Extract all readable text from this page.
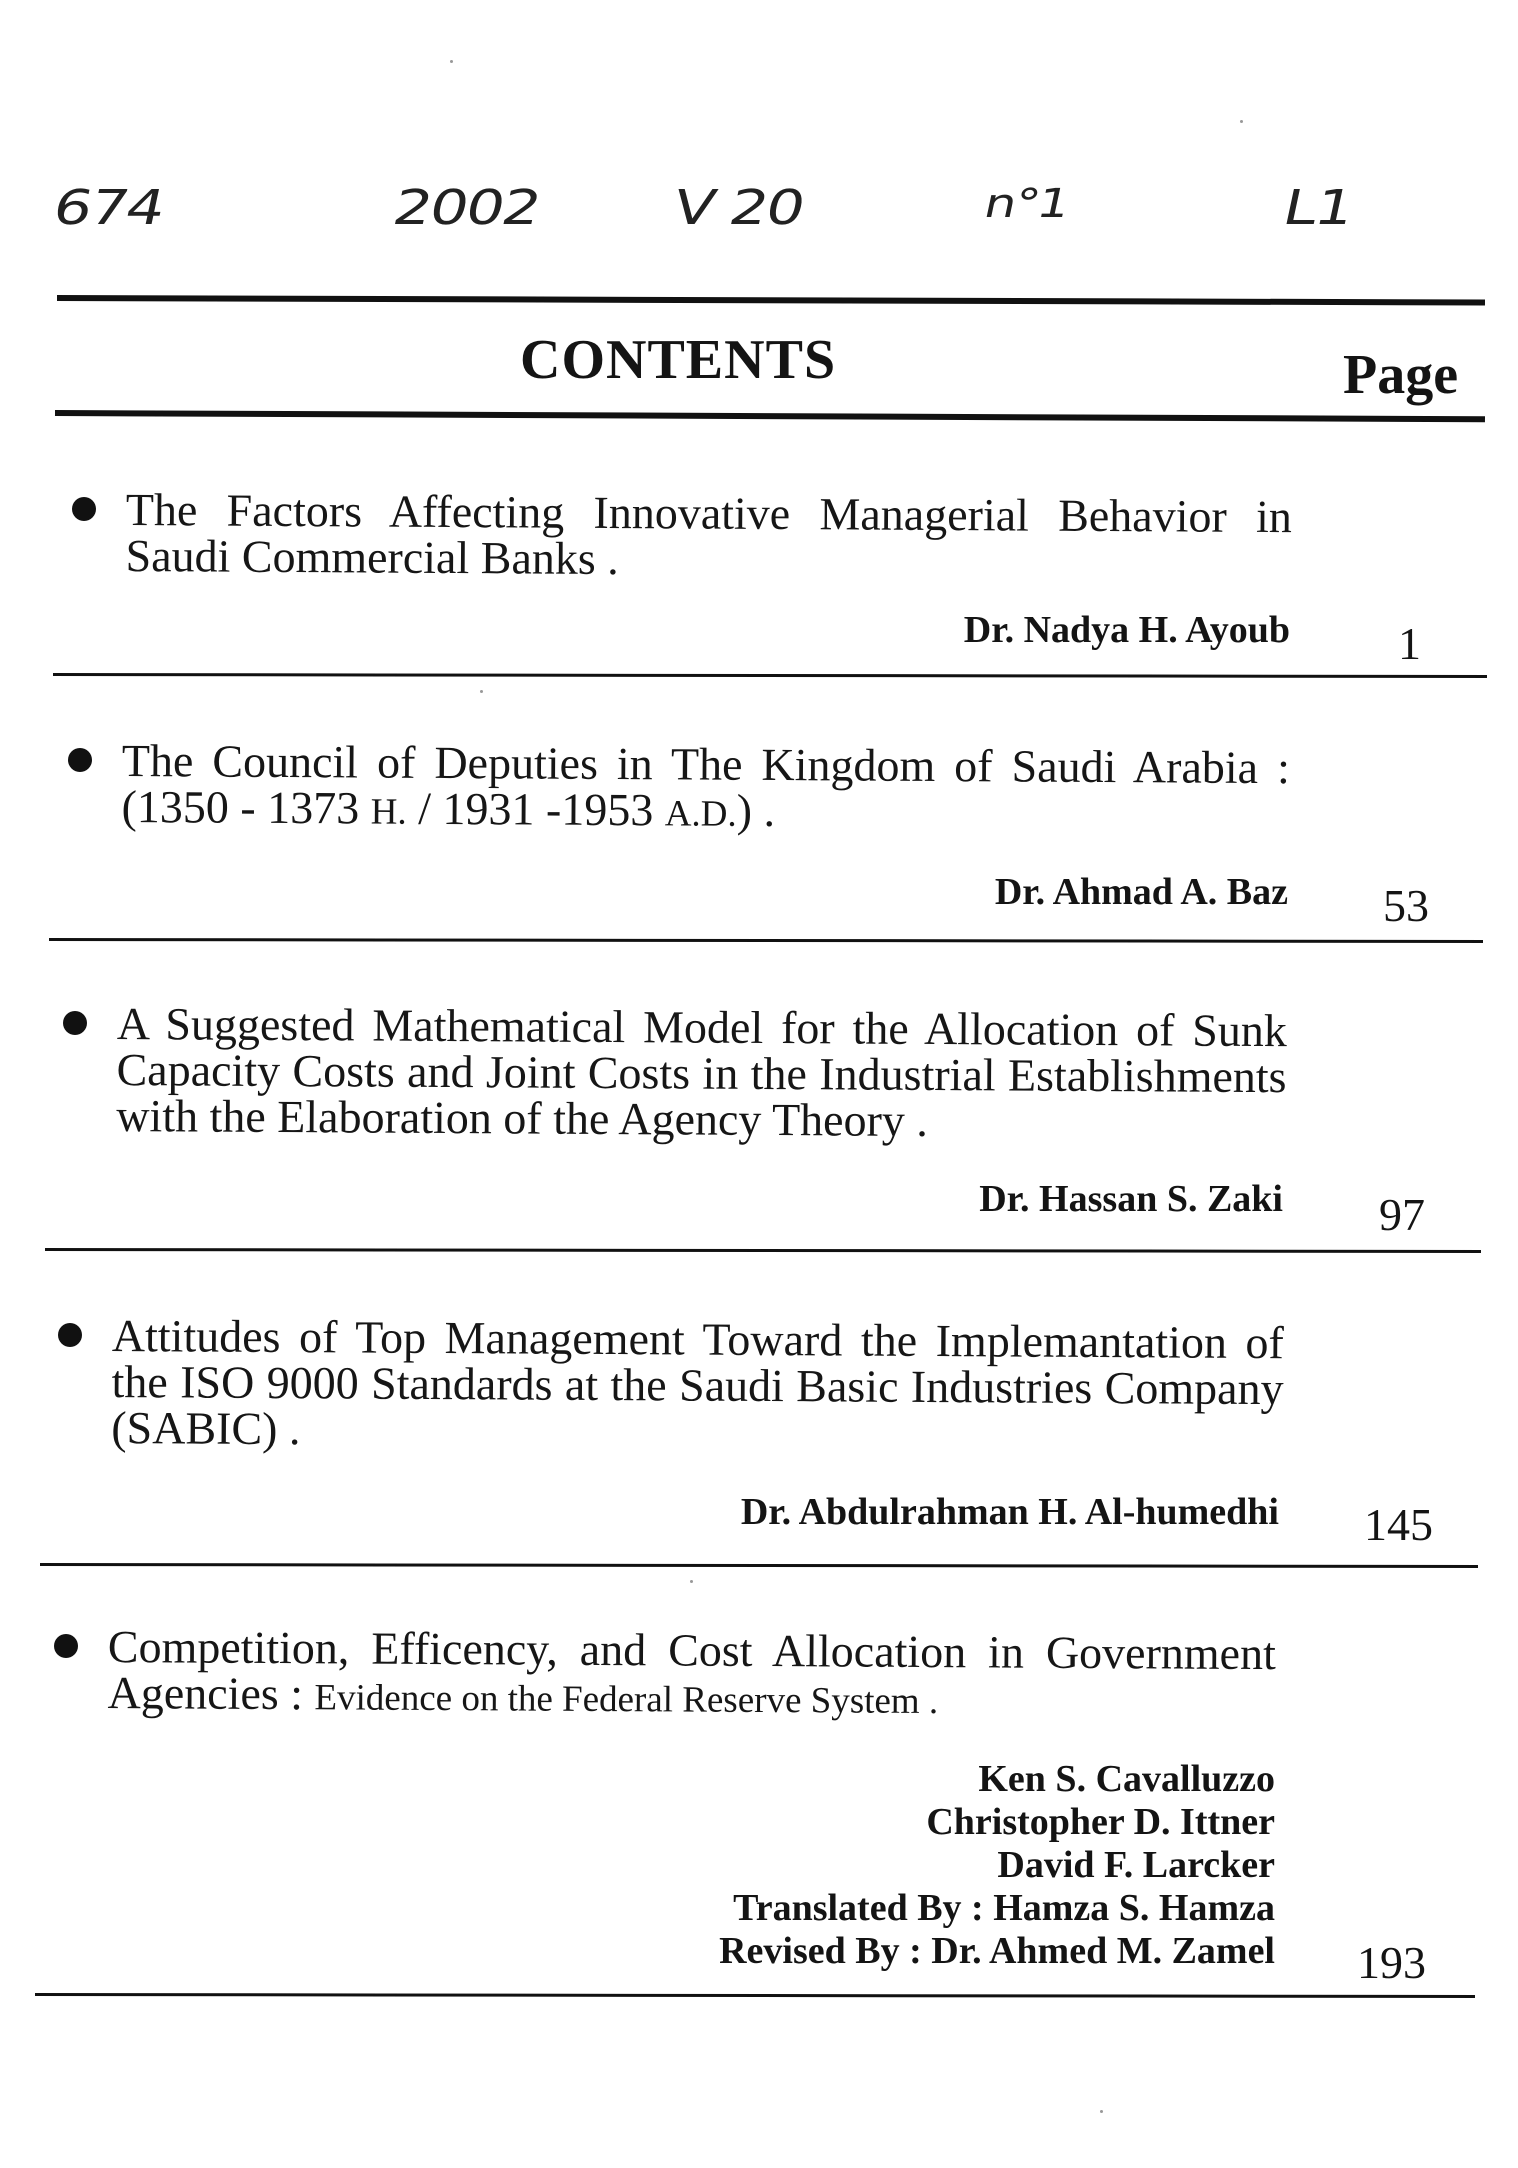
674	2002 V 20	n°1	L1
CONTENTS	Page

The Factors Affecting Innovative Managerial Behavior in Saudi Commercial Banks .

Dr. Nadya H. Ayoub 1

The Council of Deputies in The Kingdom of Saudi Arabia : (1350 - 1373 H. / 1931 -1953 A.D.) .

Dr. Ahmad A. Baz 53

A Suggested Mathematical Model for the Allocation of Sunk Capacity Costs and Joint Costs in the Industrial Establishments with the Elaboration of the Agency Theory .

Dr. Hassan S. Zaki 97

Attitudes of Top Management Toward the Implemantation of the ISO 9000 Standards at the Saudi Basic Industries Company (SABIC) .

Dr. Abdulrahman H. Al-humedhi 145

Competition, Efficency, and Cost Allocation in Government Agencies : Evidence on the Federal Reserve System .

Ken S. Cavalluzzo
Christopher D. Ittner
David F. Larcker
Translated By : Hamza S. Hamza
Revised By : Dr. Ahmed M. Zamel 193
